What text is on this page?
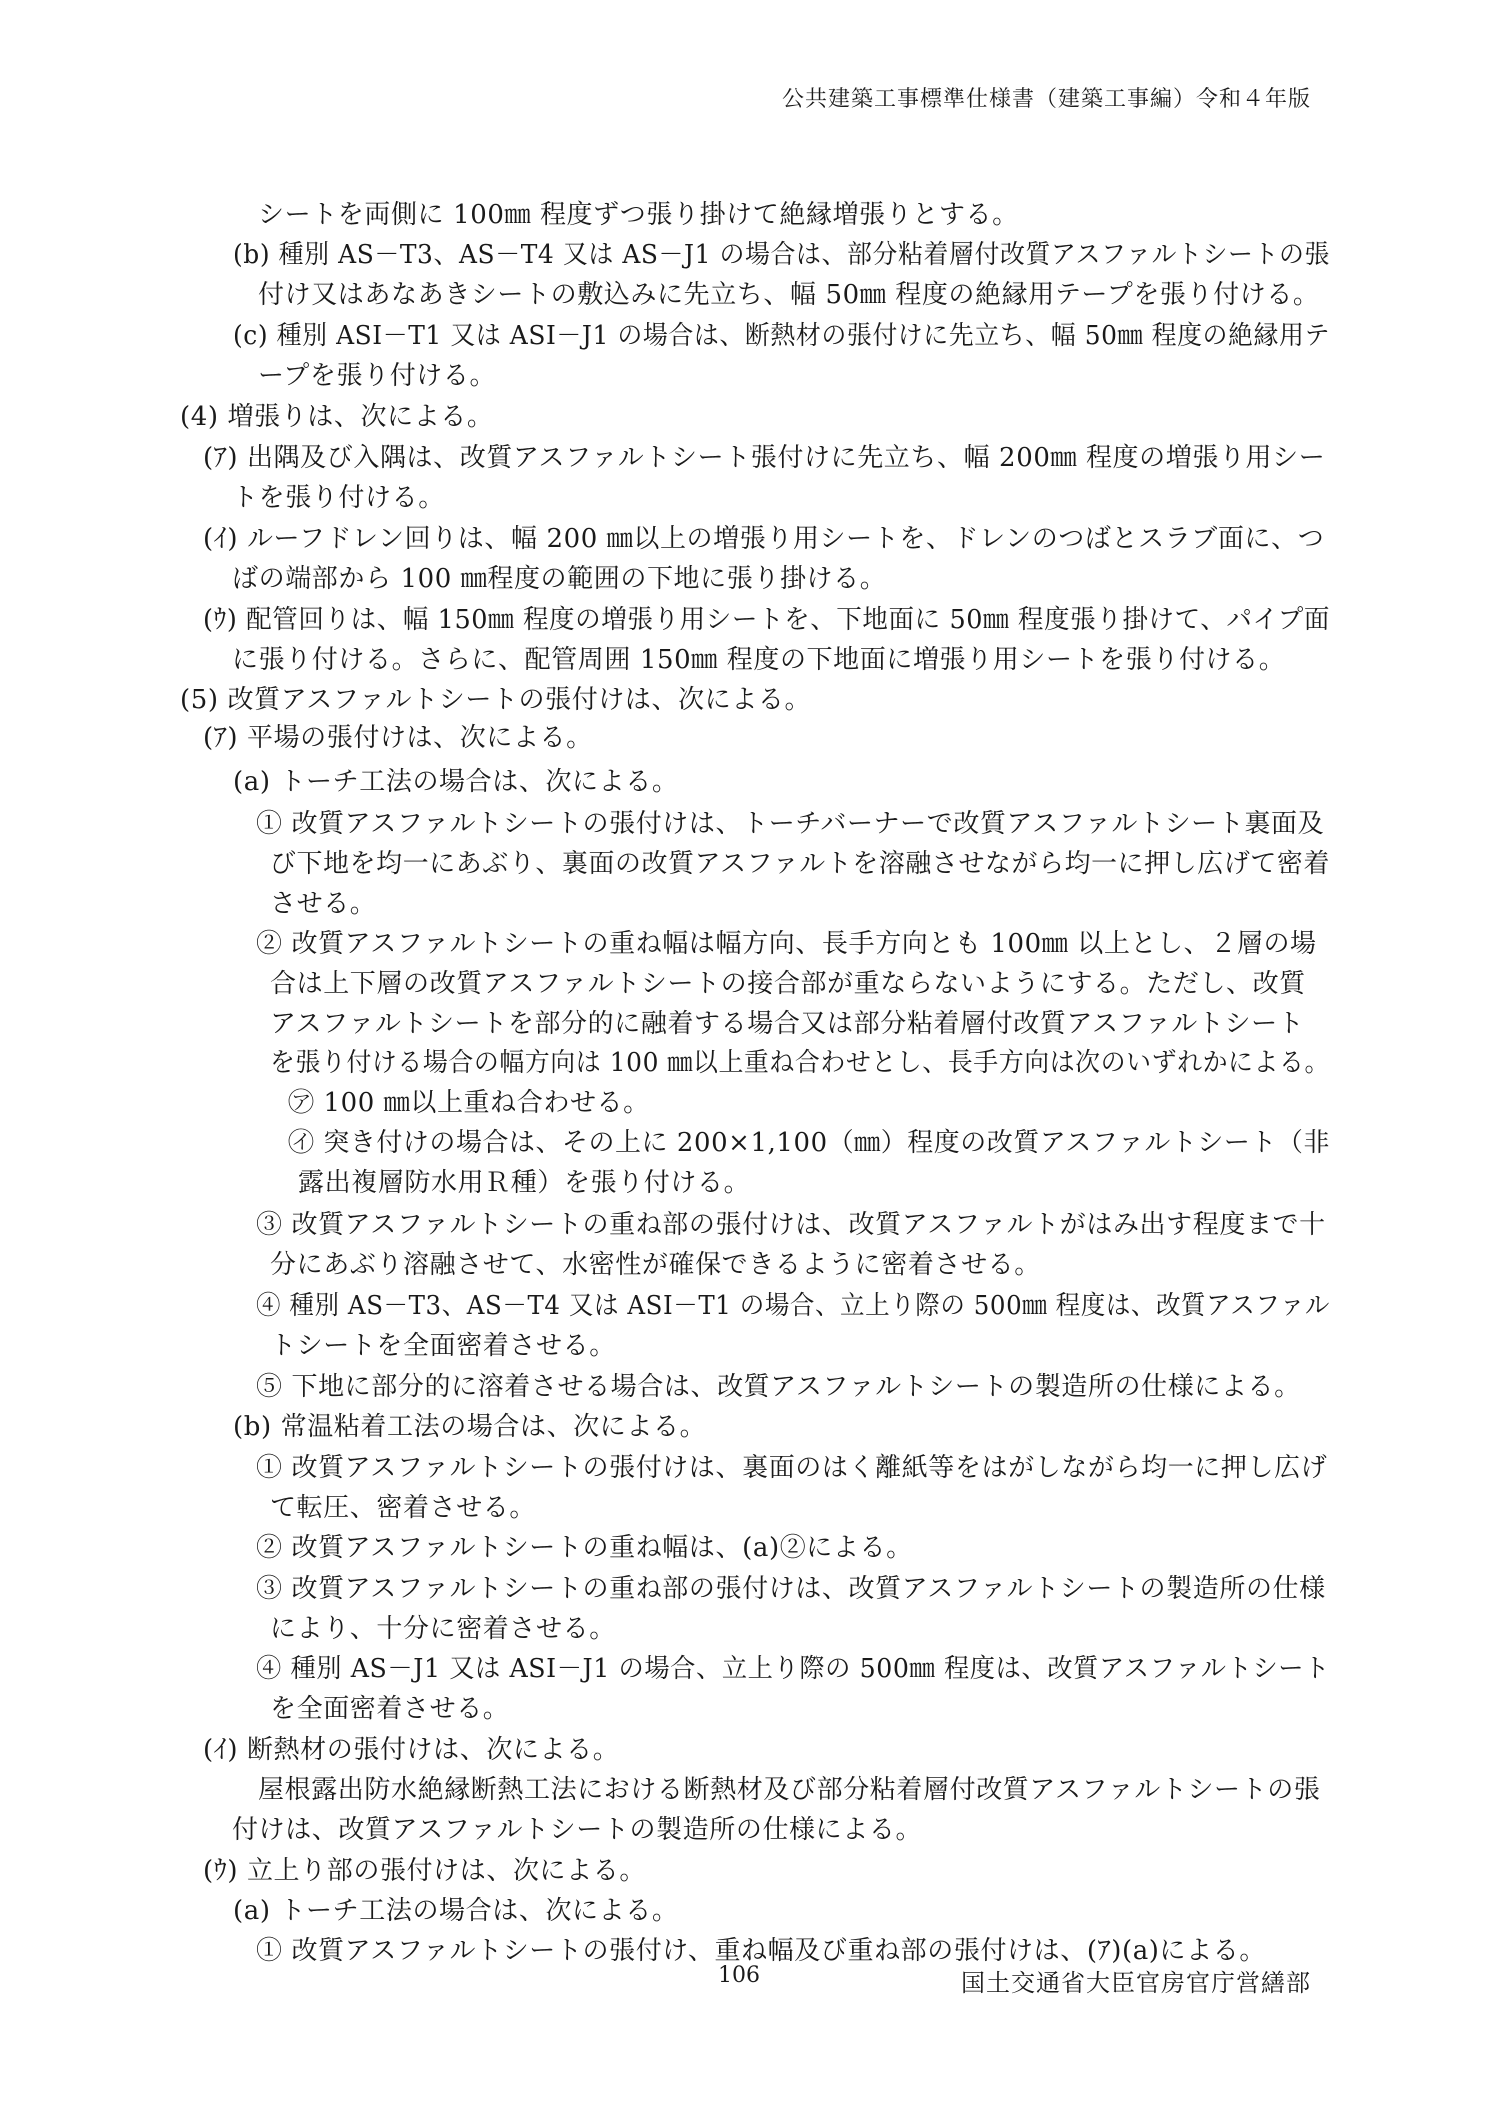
公共建築工事標準仕様書（建築工事編）令和４年版
シートを両側に 100㎜ 程度ずつ張り掛けて絶縁増張りとする。
(b) 種別 AS－T3、AS－T4 又は AS－J1 の場合は、部分粘着層付改質アスファルトシートの張
付け又はあなあきシートの敷込みに先立ち、幅 50㎜ 程度の絶縁用テープを張り付ける。
(c) 種別 ASI－T1 又は ASI－J1 の場合は、断熱材の張付けに先立ち、幅 50㎜ 程度の絶縁用テ
ープを張り付ける。
(4) 増張りは、次による。
(ｱ) 出隅及び入隅は、改質アスファルトシート張付けに先立ち、幅 200㎜ 程度の増張り用シー
トを張り付ける。
(ｲ) ルーフドレン回りは、幅 200 ㎜以上の増張り用シートを、ドレンのつばとスラブ面に、つ
ばの端部から 100 ㎜程度の範囲の下地に張り掛ける。
(ｳ) 配管回りは、幅 150㎜ 程度の増張り用シートを、下地面に 50㎜ 程度張り掛けて、パイプ面
に張り付ける。さらに、配管周囲 150㎜ 程度の下地面に増張り用シートを張り付ける。
(5) 改質アスファルトシートの張付けは、次による。
(ｱ) 平場の張付けは、次による。
(a) トーチ工法の場合は、次による。
① 改質アスファルトシートの張付けは、トーチバーナーで改質アスファルトシート裏面及
び下地を均一にあぶり、裏面の改質アスファルトを溶融させながら均一に押し広げて密着
させる。
② 改質アスファルトシートの重ね幅は幅方向、長手方向とも 100㎜ 以上とし、２層の場
合は上下層の改質アスファルトシートの接合部が重ならないようにする。ただし、改質
アスファルトシートを部分的に融着する場合又は部分粘着層付改質アスファルトシート
を張り付ける場合の幅方向は 100 ㎜以上重ね合わせとし、長手方向は次のいずれかによる。
㋐ 100 ㎜以上重ね合わせる。
㋑ 突き付けの場合は、その上に 200×1,100（㎜）程度の改質アスファルトシート（非
露出複層防水用Ｒ種）を張り付ける。
③ 改質アスファルトシートの重ね部の張付けは、改質アスファルトがはみ出す程度まで十
分にあぶり溶融させて、水密性が確保できるように密着させる。
④ 種別 AS－T3、AS－T4 又は ASI－T1 の場合、立上り際の 500㎜ 程度は、改質アスファル
トシートを全面密着させる。
⑤ 下地に部分的に溶着させる場合は、改質アスファルトシートの製造所の仕様による。
(b) 常温粘着工法の場合は、次による。
① 改質アスファルトシートの張付けは、裏面のはく離紙等をはがしながら均一に押し広げ
て転圧、密着させる。
② 改質アスファルトシートの重ね幅は、(a)②による。
③ 改質アスファルトシートの重ね部の張付けは、改質アスファルトシートの製造所の仕様
により、十分に密着させる。
④ 種別 AS－J1 又は ASI－J1 の場合、立上り際の 500㎜ 程度は、改質アスファルトシート
を全面密着させる。
(ｲ) 断熱材の張付けは、次による。
屋根露出防水絶縁断熱工法における断熱材及び部分粘着層付改質アスファルトシートの張
付けは、改質アスファルトシートの製造所の仕様による。
(ｳ) 立上り部の張付けは、次による。
(a) トーチ工法の場合は、次による。
① 改質アスファルトシートの張付け、重ね幅及び重ね部の張付けは、(ｱ)(a)による。
106	国土交通省大臣官房官庁営繕部
